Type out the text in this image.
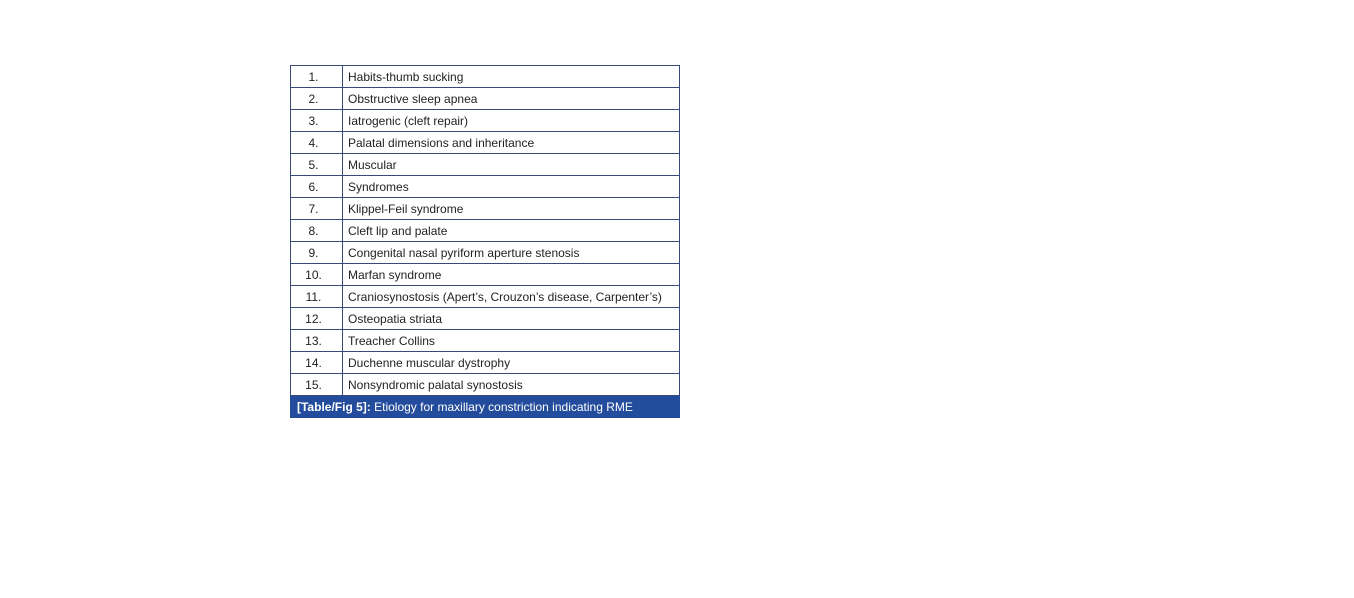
1.	Habits-thumb sucking
2.	Obstructive sleep apnea
3.	Iatrogenic (cleft repair)
4.	Palatal dimensions and inheritance
5.	Muscular
6.	Syndromes
7.	Klippel-Feil syndrome
8.	Cleft lip and palate
9.	Congenital nasal pyriform aperture stenosis
10.	Marfan syndrome
11.	Craniosynostosis (Apert’s, Crouzon’s disease, Carpenter’s)
12.	Osteopatia striata
13.	Treacher Collins
14.	Duchenne muscular dystrophy
15.	Nonsyndromic palatal synostosis
[Table/Fig 5]: Etiology for maxillary constriction indicating RME
